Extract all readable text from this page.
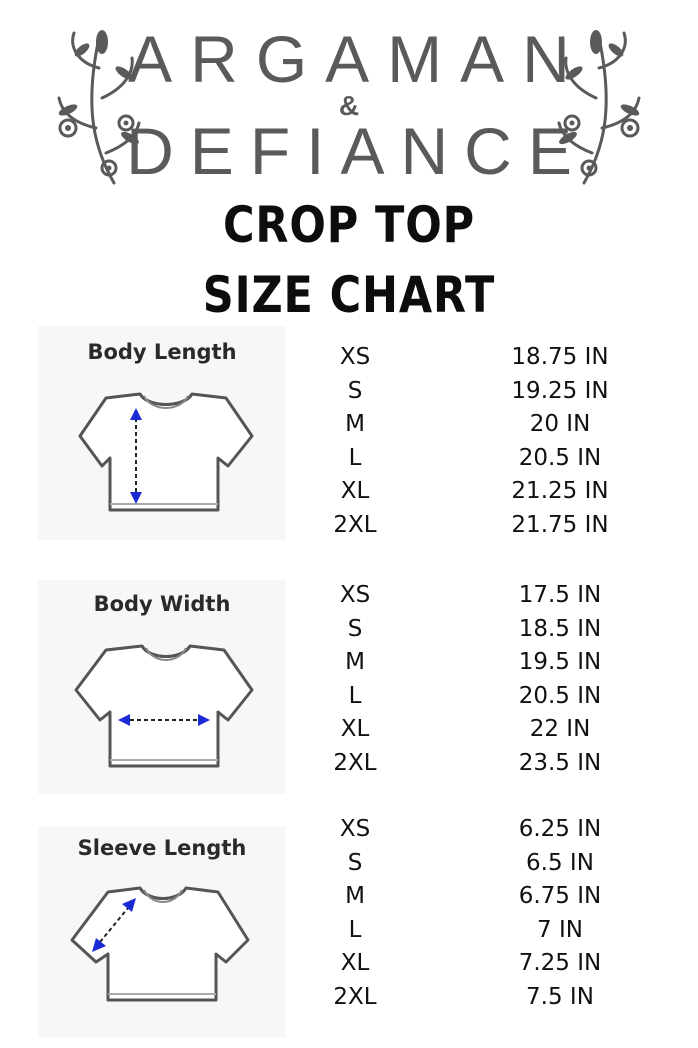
ARGAMAN
&
DEFIANCE
CROP TOP
SIZE CHART
Body Length	XS
S
M
L
XL
2XL
18.75 IN
19.25 IN
20 IN
20.5 IN
21.25 IN
21.75 IN
Body Width	XS
S
M
L
XL
2XL
17.5 IN
18.5 IN
19.5 IN
20.5 IN
22 IN
23.5 IN
Sleeve Length
XS
S
M
L
XL
2XL
6.25 IN
6.5 IN
6.75 IN
7 IN
7.25 IN
7.5 IN
